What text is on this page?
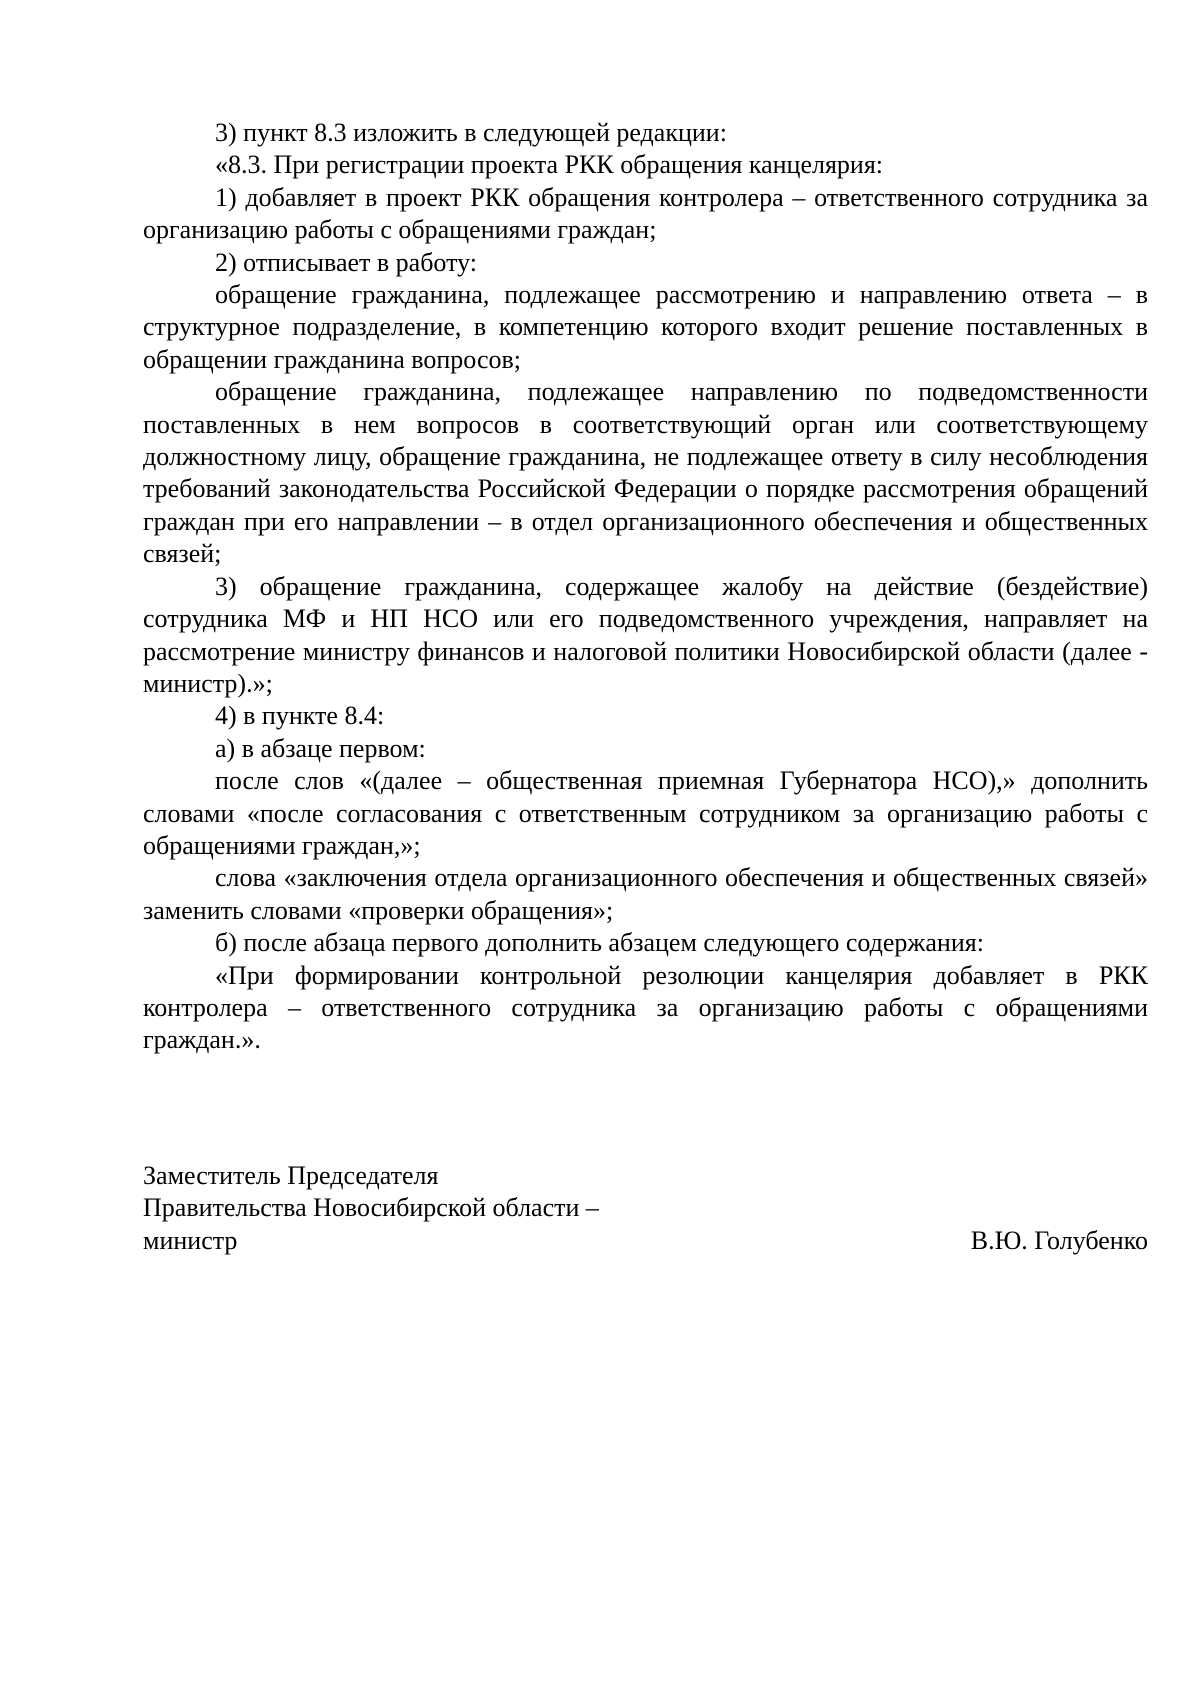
3) пункт 8.3 изложить в следующей редакции:

«8.3. При регистрации проекта РКК обращения канцелярия:

1) добавляет в проект РКК обращения контролера – ответственного сотрудника за организацию работы с обращениями граждан;

2) отписывает в работу:

обращение гражданина, подлежащее рассмотрению и направлению ответа – в структурное подразделение, в компетенцию которого входит решение поставленных в обращении гражданина вопросов;

обращение гражданина, подлежащее направлению по подведомственности поставленных в нем вопросов в соответствующий орган или соответствующему должностному лицу, обращение гражданина, не подлежащее ответу в силу несоблюдения требований законодательства Российской Федерации о порядке рассмотрения обращений граждан при его направлении – в отдел организационного обеспечения и общественных связей;

3) обращение гражданина, содержащее жалобу на действие (бездействие) сотрудника МФ и НП НСО или его подведомственного учреждения, направляет на рассмотрение министру финансов и налоговой политики Новосибирской области (далее - министр).»;

4) в пункте 8.4:

а) в абзаце первом:

после слов «(далее – общественная приемная Губернатора НСО),» дополнить словами «после согласования с ответственным сотрудником за организацию работы с обращениями граждан,»;

слова «заключения отдела организационного обеспечения и общественных связей» заменить словами «проверки обращения»;

б) после абзаца первого дополнить абзацем следующего содержания:

«При формировании контрольной резолюции канцелярия добавляет в РКК контролера – ответственного сотрудника за организацию работы с обращениями граждан.».

Заместитель Председателя
Правительства Новосибирской области –
министр	В.Ю. Голубенко
